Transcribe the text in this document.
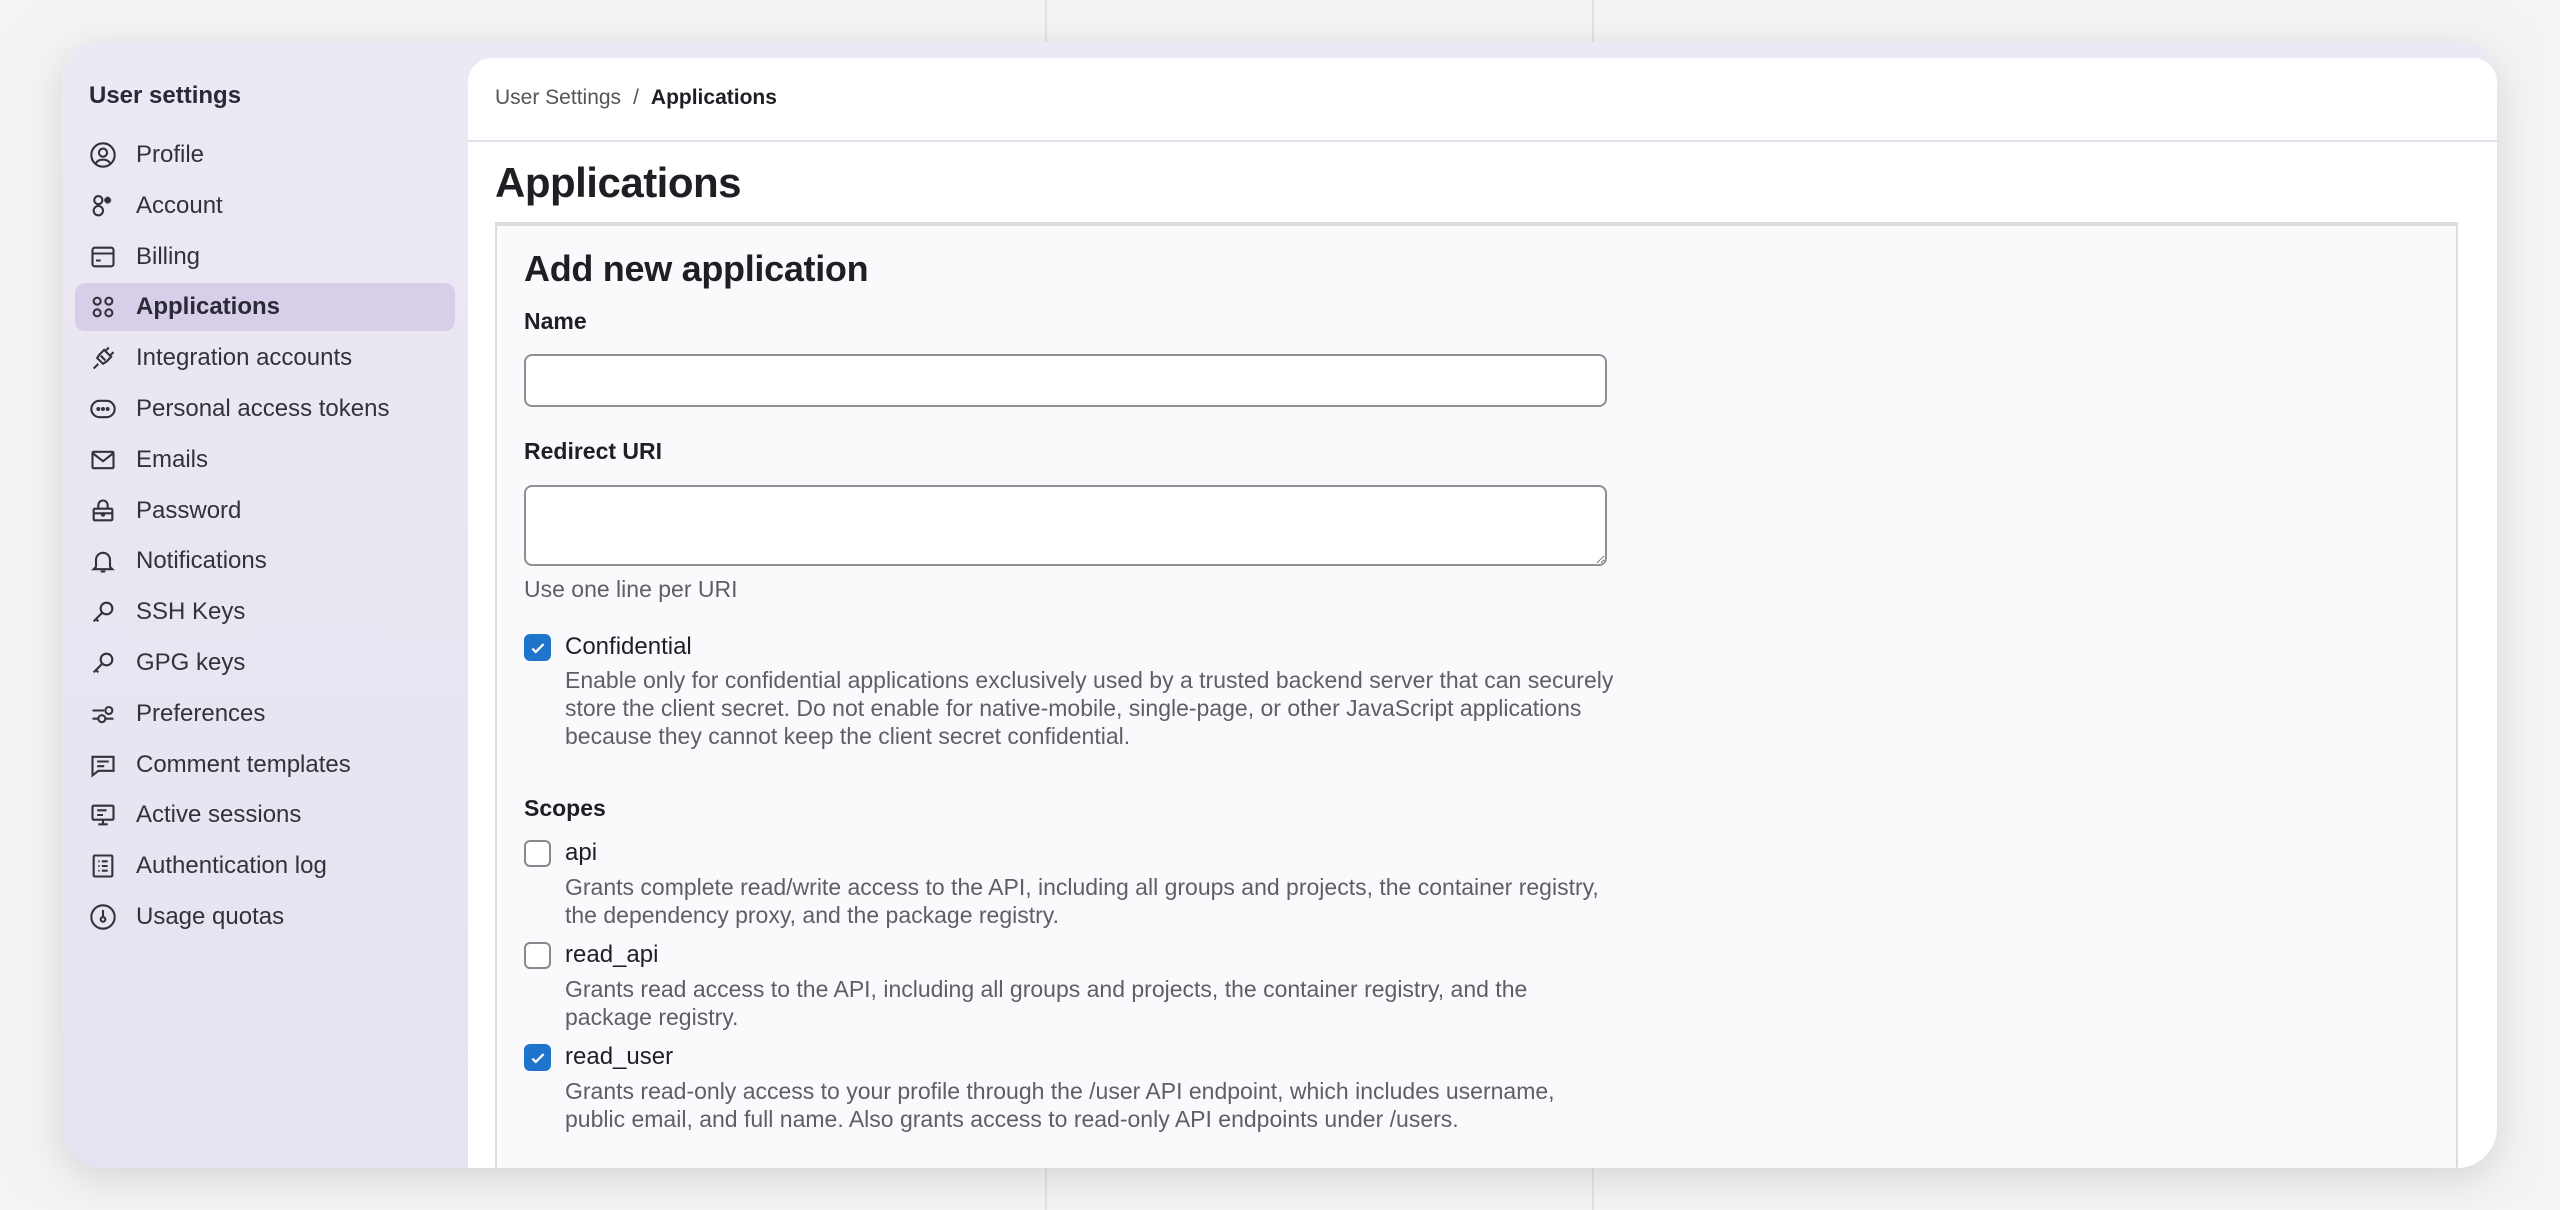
User settings
Profile
Account
Billing
Applications
Integration accounts
Personal access tokens
Emails
Password
Notifications
SSH Keys
GPG keys
Preferences
Comment templates
Active sessions
Authentication log
Usage quotas
User Settings / Applications
Applications
Add new application
Name
Redirect URI
Use one line per URI
Confidential
Enable only for confidential applications exclusively used by a trusted backend server that can securely store the client secret. Do not enable for native-mobile, single-page, or other JavaScript applications because they cannot keep the client secret confidential.
Scopes
api
Grants complete read/write access to the API, including all groups and projects, the container registry, the dependency proxy, and the package registry.
read_api
Grants read access to the API, including all groups and projects, the container registry, and the package registry.
read_user
Grants read-only access to your profile through the /user API endpoint, which includes username, public email, and full name. Also grants access to read-only API endpoints under /users.
